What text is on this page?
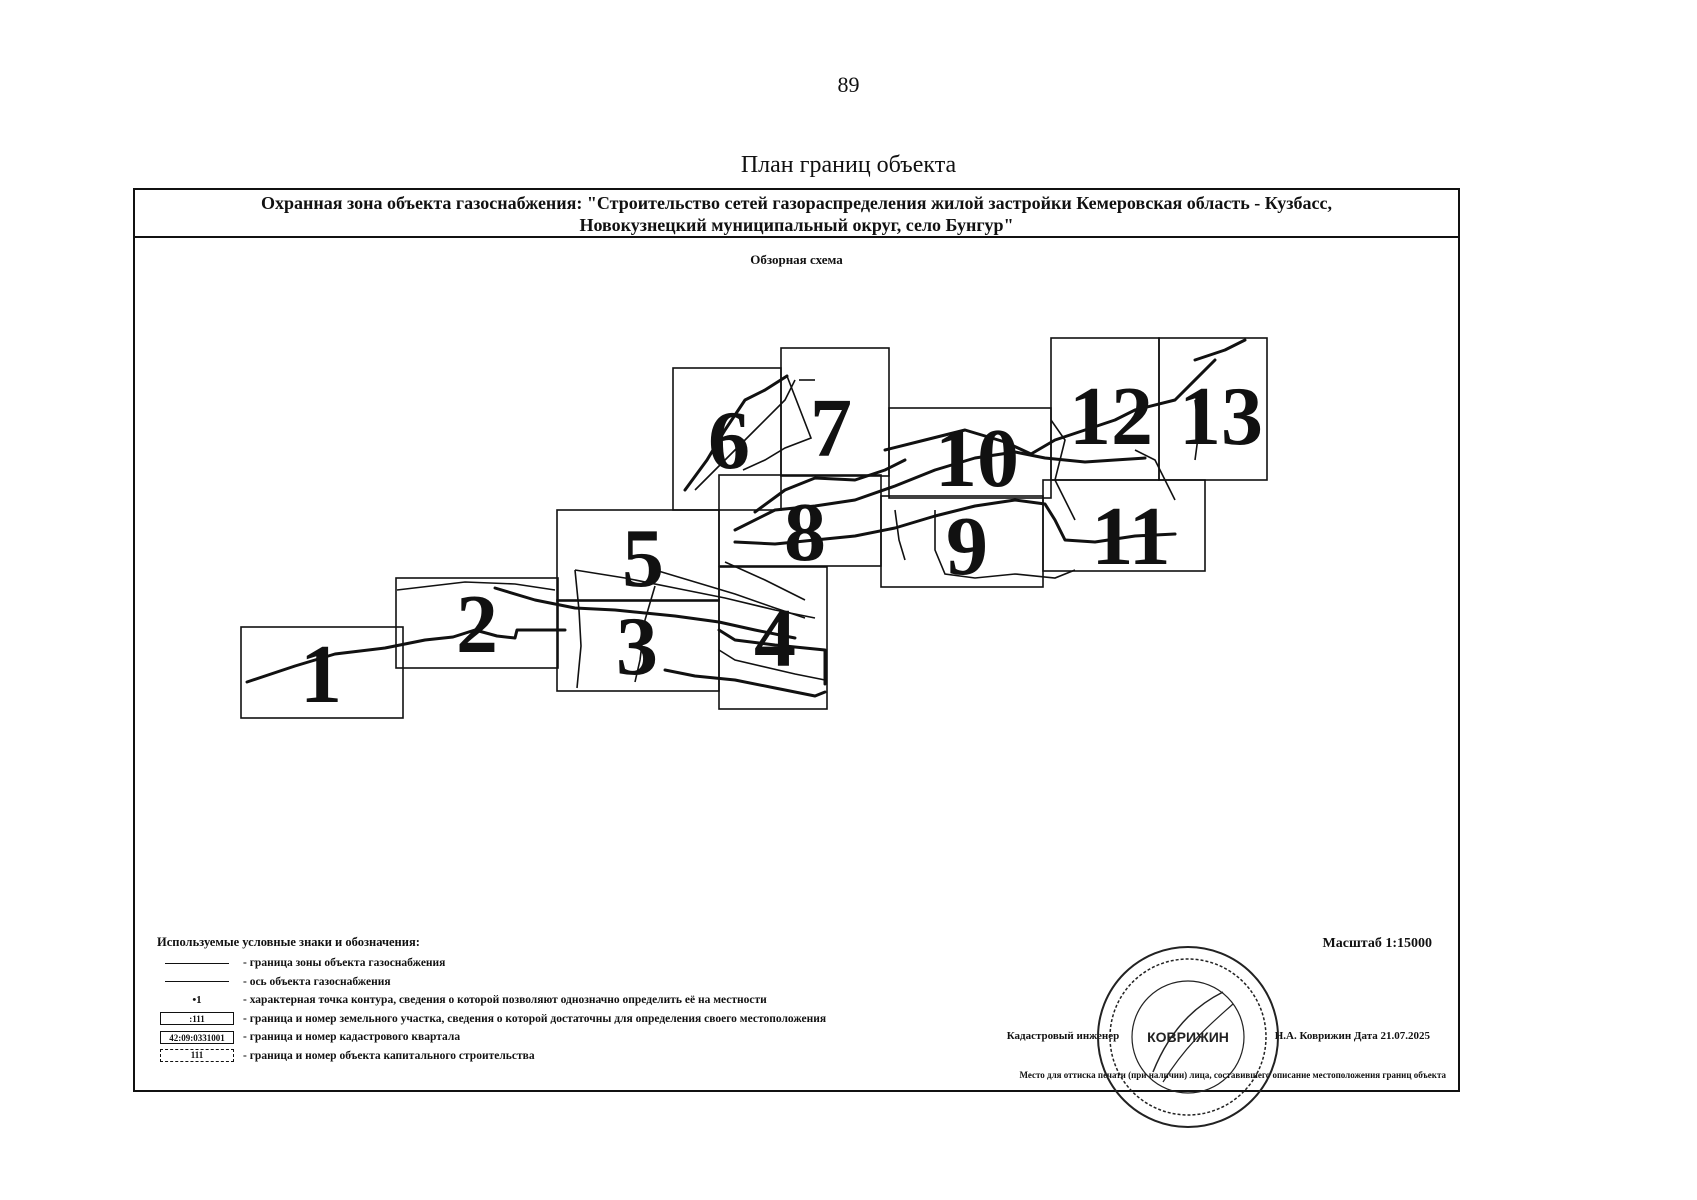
89
План границ объекта
Охранная зона объекта газоснабжения: "Строительство сетей газораспределения жилой застройки Кемеровская область - Кузбасс,
Новокузнецкий муниципальный округ, село Бунгур"
Обзорная схема
1
2 3 4
5
6 7
8 9
10
11
12 13
Используемые условные знаки и обозначения:
- граница зоны объекта газоснабжения
- ось объекта газоснабжения
•1	- характерная точка контура, сведения о которой позволяют однозначно определить её на местности
:111	- граница и номер земельного участка, сведения о которой достаточны для определения своего местоположения
42:09:0331001	- граница и номер кадастрового квартала
111	- граница и номер объекта капитального строительства
Масштаб 1:15000
Кадастровый инженер	Н.А. Коврижин Дата 21.07.2025
Место для оттиска печати (при наличии) лица, составившего описание местоположения границ объекта
КОВРИЖИН
